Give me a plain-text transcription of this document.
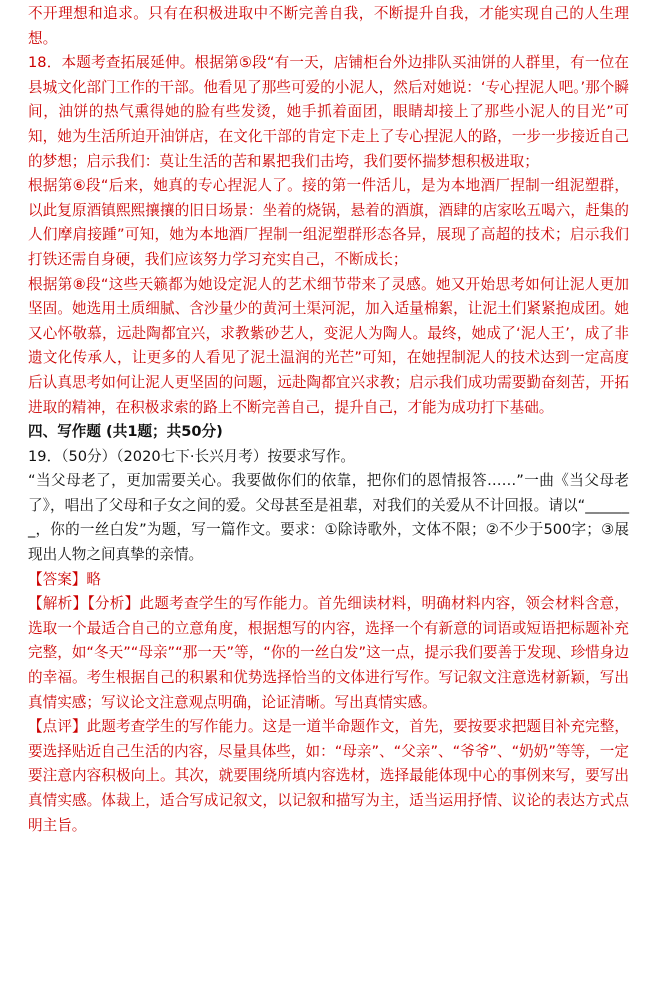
不开理想和追求。只有在积极进取中不断完善自我，不断提升自我，才能实现自己的人生理想。

18．本题考查拓展延伸。根据第⑤段“有一天，店铺柜台外边排队买油饼的人群里，有一位在县城文化部门工作的干部。他看见了那些可爱的小泥人，然后对她说：‘专心捏泥人吧。’那个瞬间，油饼的热气熏得她的脸有些发烫，她手抓着面团，眼睛却接上了那些小泥人的目光”可知，她为生活所迫开油饼店，在文化干部的肯定下走上了专心捏泥人的路，一步一步接近自己的梦想；启示我们：莫让生活的苦和累把我们击垮，我们要怀揣梦想积极进取；

根据第⑥段“后来，她真的专心捏泥人了。接的第一件活儿，是为本地酒厂捏制一组泥塑群，以此复原酒镇熙熙攘攘的旧日场景：坐着的烧锅，悬着的酒旗，酒肆的店家吆五喝六，赶集的人们摩肩接踵”可知，她为本地酒厂捏制一组泥塑群形态各异，展现了高超的技术；启示我们打铁还需自身硬，我们应该努力学习充实自己，不断成长；

根据第⑧段“这些天籁都为她设定泥人的艺术细节带来了灵感。她又开始思考如何让泥人更加坚固。她选用土质细腻、含沙量少的黄河土渠河泥，加入适量棉絮，让泥土们紧紧抱成团。她又心怀敬慕，远赴陶都宜兴，求教紫砂艺人，变泥人为陶人。最终，她成了‘泥人王’，成了非遗文化传承人，让更多的人看见了泥土温润的光芒”可知，在她捏制泥人的技术达到一定高度后认真思考如何让泥人更坚固的问题，远赴陶都宜兴求教；启示我们成功需要勤奋刻苦，开拓进取的精神，在积极求索的路上不断完善自己，提升自己，才能为成功打下基础。

四、写作题 (共1题；共50分)

19．（50分）（2020七下·长兴月考）按要求写作。

“当父母老了，更加需要关心。我要做你们的依靠，把你们的恩情报答……”一曲《当父母老了》，唱出了父母和子女之间的爱。父母甚至是祖辈，对我们的关爱从不计回报。请以“_______，你的一丝白发”为题，写一篇作文。要求：①除诗歌外，文体不限；②不少于500字；③展现出人物之间真挚的亲情。

【答案】略

【解析】【分析】此题考查学生的写作能力。首先细读材料，明确材料内容，领会材料含意，选取一个最适合自己的立意角度，根据想写的内容，选择一个有新意的词语或短语把标题补充完整，如“冬天”“母亲”“那一天”等，“你的一丝白发”这一点，提示我们要善于发现、珍惜身边的幸福。考生根据自己的积累和优势选择恰当的文体进行写作。写记叙文注意选材新颖，写出真情实感；写议论文注意观点明确，论证清晰。写出真情实感。

【点评】此题考查学生的写作能力。这是一道半命题作文，首先，要按要求把题目补充完整，要选择贴近自己生活的内容，尽量具体些，如：“母亲”、“父亲”、“爷爷”、“奶奶”等等，一定要注意内容积极向上。其次，就要围绕所填内容选材，选择最能体现中心的事例来写，要写出真情实感。体裁上，适合写成记叙文，以记叙和描写为主，适当运用抒情、议论的表达方式点明主旨。
